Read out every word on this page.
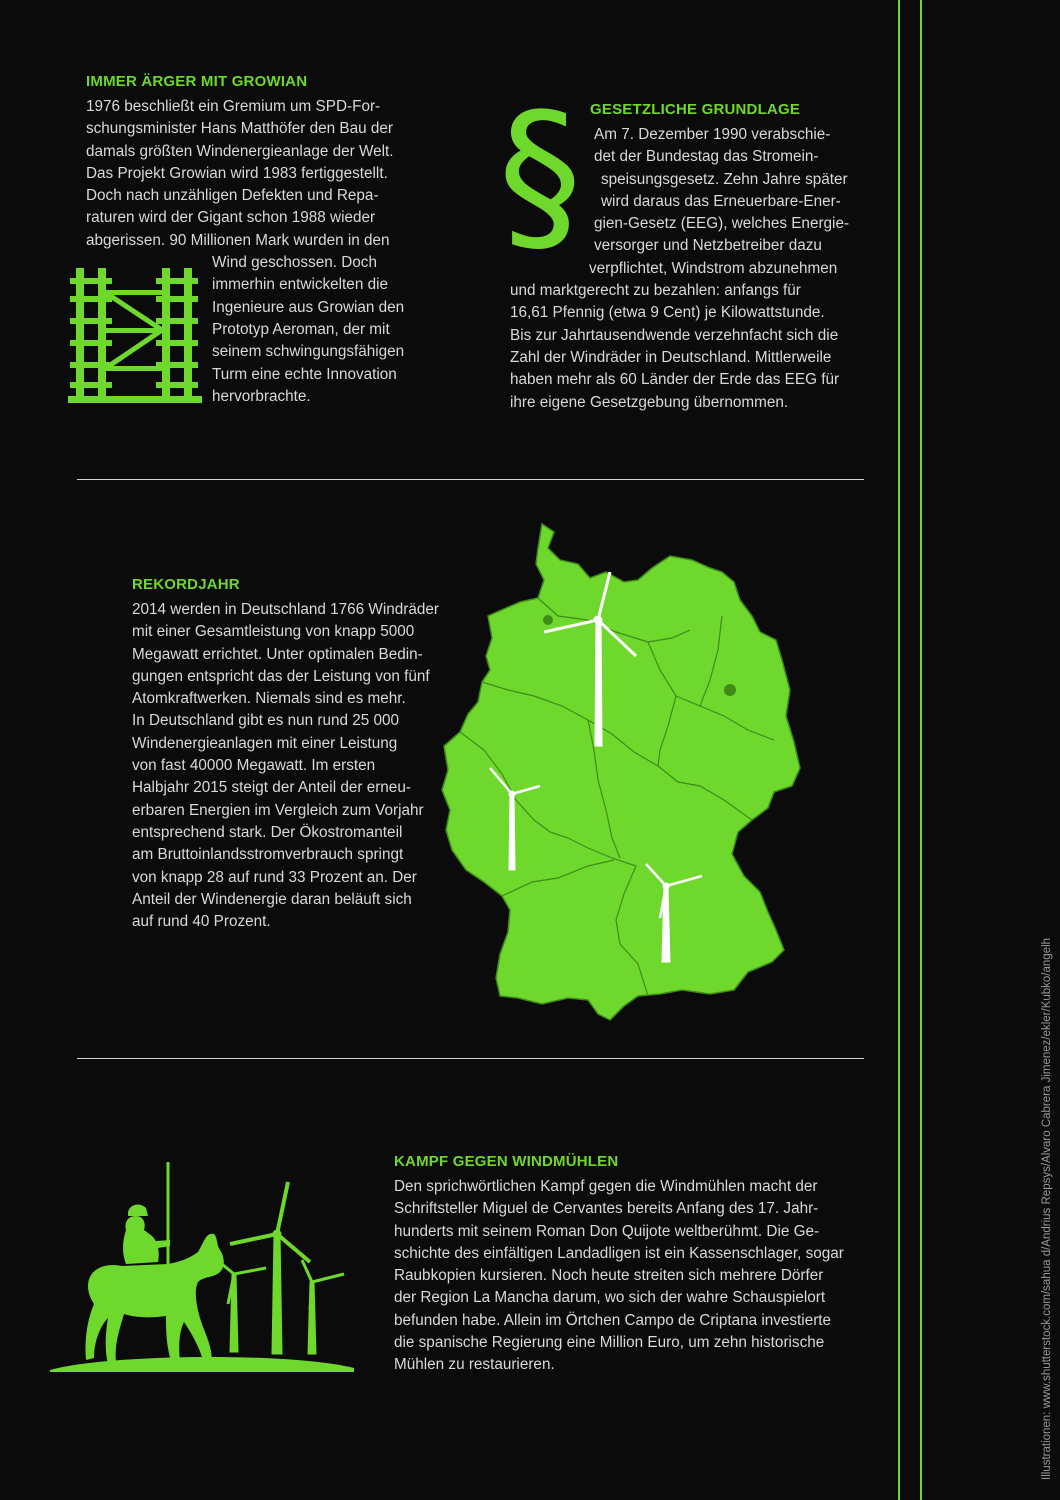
IMMER ÄRGER MIT GROWIAN
1976 beschließt ein Gremium um SPD-For-
schungsminister Hans Matthöfer den Bau der
damals größten Windenergieanlage der Welt.
Das Projekt Growian wird 1983 fertiggestellt.
Doch nach unzähligen Defekten und Repa-
raturen wird der Gigant schon 1988 wieder
abgerissen. 90 Millionen Mark wurden in den
Wind geschossen. Doch
immerhin entwickelten die
Ingenieure aus Growian den
Prototyp Aeroman, der mit
seinem schwingungsfähigen
Turm eine echte Innovation
hervorbrachte.
§ GESETZLICHE GRUNDLAGE
Am 7. Dezember 1990 verabschie-
det der Bundestag das Stromein-
speisungsgesetz. Zehn Jahre später
wird daraus das Erneuerbare-Ener-
gien-Gesetz (EEG), welches Energie-
versorger und Netzbetreiber dazu
verpflichtet, Windstrom abzunehmen
und marktgerecht zu bezahlen: anfangs für
16,61 Pfennig (etwa 9 Cent) je Kilowattstunde.
Bis zur Jahrtausendwende verzehnfacht sich die
Zahl der Windräder in Deutschland. Mittlerweile
haben mehr als 60 Länder der Erde das EEG für
ihre eigene Gesetzgebung übernommen.
REKORDJAHR
2014 werden in Deutschland 1766 Windräder
mit einer Gesamtleistung von knapp 5000
Megawatt errichtet. Unter optimalen Bedin-
gungen entspricht das der Leistung von fünf
Atomkraftwerken. Niemals sind es mehr.
In Deutschland gibt es nun rund 25 000
Windenergieanlagen mit einer Leistung
von fast 40000 Megawatt. Im ersten
Halbjahr 2015 steigt der Anteil der erneu-
erbaren Energien im Vergleich zum Vorjahr
entsprechend stark. Der Ökostromanteil
am Bruttoinlandsstromverbrauch springt
von knapp 28 auf rund 33 Prozent an. Der
Anteil der Windenergie daran beläuft sich
auf rund 40 Prozent.
KAMPF GEGEN WINDMÜHLEN
Den sprichwörtlichen Kampf gegen die Windmühlen macht der
Schriftsteller Miguel de Cervantes bereits Anfang des 17. Jahr-
hunderts mit seinem Roman Don Quijote weltberühmt. Die Ge-
schichte des einfältigen Landadligen ist ein Kassenschlager, sogar
Raubkopien kursieren. Noch heute streiten sich mehrere Dörfer
der Region La Mancha darum, wo sich der wahre Schauspielort
befunden habe. Allein im Örtchen Campo de Criptana investierte
die spanische Regierung eine Million Euro, um zehn historische
Mühlen zu restaurieren.	Illustrationen: www.shutterstock.com/sahua d/Andrius Repsys/Alvaro Cabrera Jimenez/ekler/Kubko/angelh
